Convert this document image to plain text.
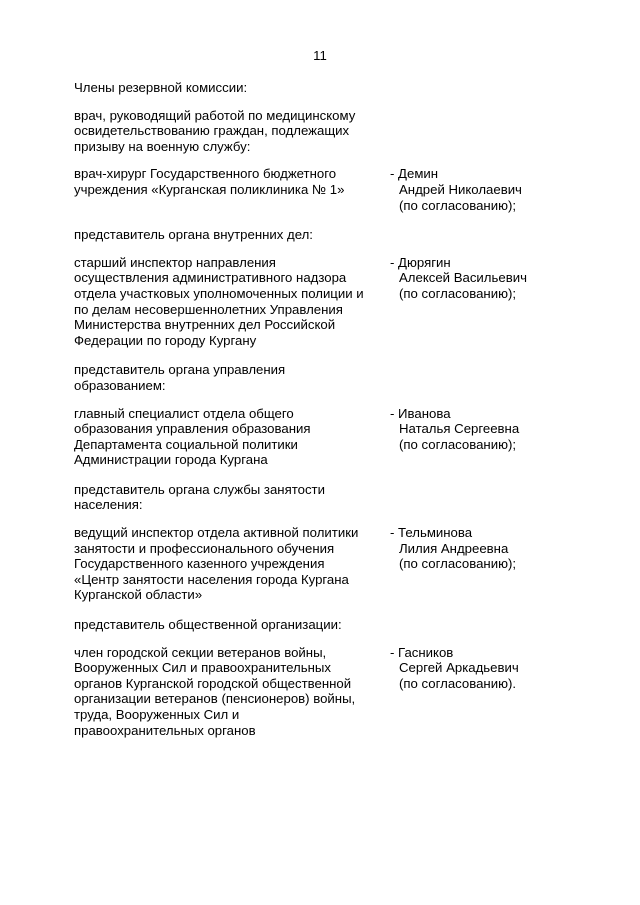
11
Члены резервной комиссии:
врач, руководящий работой по медицинскому
освидетельствованию граждан, подлежащих
призыву на военную службу:
врач-хирург Государственного бюджетного
учреждения «Курганская поликлиника № 1»
- Демин
Андрей Николаевич
(по согласованию);
представитель органа внутренних дел:
старший инспектор направления
осуществления административного надзора
отдела участковых уполномоченных полиции и
по делам несовершеннолетних Управления
Министерства внутренних дел Российской
Федерации по городу Кургану
- Дюрягин
Алексей Васильевич
(по согласованию);
представитель органа управления
образованием:
главный специалист отдела общего
образования управления образования
Департамента социальной политики
Администрации города Кургана
- Иванова
Наталья Сергеевна
(по согласованию);
представитель органа службы занятости
населения:
ведущий инспектор отдела активной политики
занятости и профессионального обучения
Государственного казенного учреждения
«Центр занятости населения города Кургана
Курганской области»
- Тельминова
Лилия Андреевна
(по согласованию);
представитель общественной организации:
член городской секции ветеранов войны,
Вооруженных Сил и правоохранительных
органов Курганской городской общественной
организации ветеранов (пенсионеров) войны,
труда, Вооруженных Сил и
правоохранительных органов
- Гасников
Сергей Аркадьевич
(по согласованию).
